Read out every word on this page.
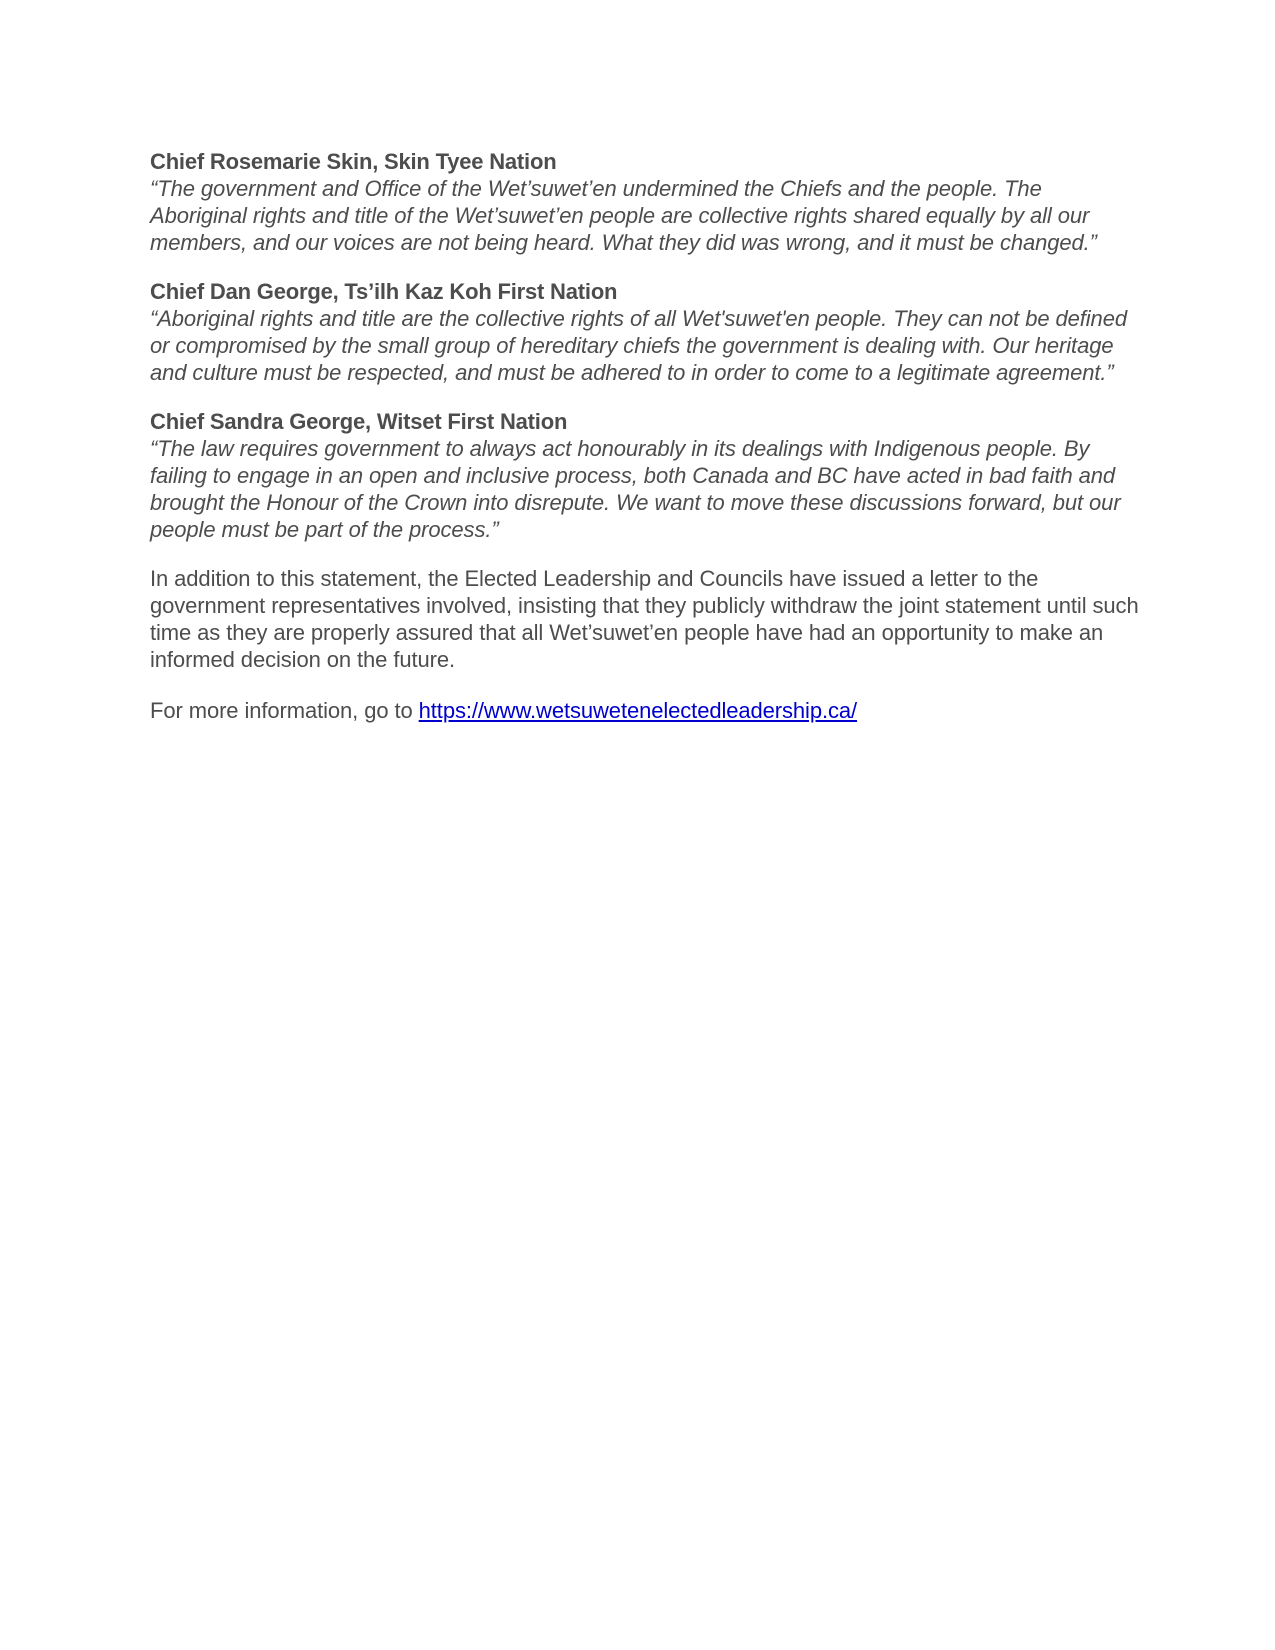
Chief Rosemarie Skin, Skin Tyee Nation
“The government and Office of the Wet’suwet’en undermined the Chiefs and the people. The Aboriginal rights and title of the Wet’suwet’en people are collective rights shared equally by all our members, and our voices are not being heard. What they did was wrong, and it must be changed.”
Chief Dan George, Ts’ilh Kaz Koh First Nation
“Aboriginal rights and title are the collective rights of all Wet'suwet'en people. They can not be defined or compromised by the small group of hereditary chiefs the government is dealing with. Our heritage and culture must be respected, and must be adhered to in order to come to a legitimate agreement.”
Chief Sandra George, Witset First Nation
“The law requires government to always act honourably in its dealings with Indigenous people. By failing to engage in an open and inclusive process, both Canada and BC have acted in bad faith and brought the Honour of the Crown into disrepute. We want to move these discussions forward, but our people must be part of the process.”

In addition to this statement, the Elected Leadership and Councils have issued a letter to the government representatives involved, insisting that they publicly withdraw the joint statement until such time as they are properly assured that all Wet’suwet’en people have had an opportunity to make an informed decision on the future.

For more information, go to https://www.wetsuwetenelectedleadership.ca/
